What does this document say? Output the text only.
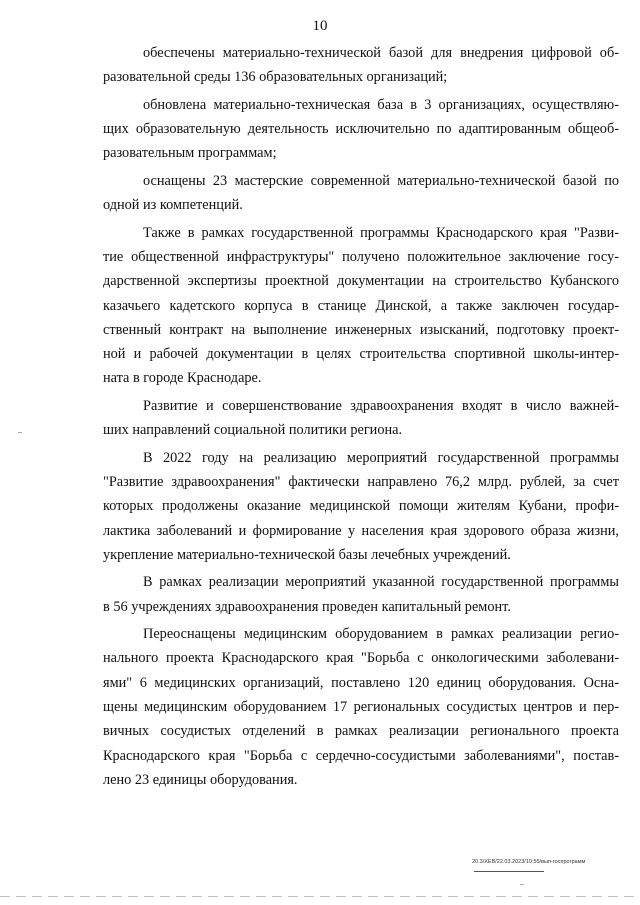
10
обеспечены материально-технической базой для внедрения цифровой об-
разовательной среды 136 образовательных организаций;
обновлена материально-техническая база в 3 организациях, осуществляю-
щих образовательную деятельность исключительно по адаптированным общеоб-
разовательным программам;
оснащены 23 мастерские современной материально-технической базой по
одной из компетенций.
Также в рамках государственной программы Краснодарского края "Разви-
тие общественной инфраструктуры" получено положительное заключение госу-
дарственной экспертизы проектной документации на строительство Кубанского
казачьего кадетского корпуса в станице Динской, а также заключен государ-
ственный контракт на выполнение инженерных изысканий, подготовку проект-
ной и рабочей документации в целях строительства спортивной школы-интер-
ната в городе Краснодаре.
Развитие и совершенствование здравоохранения входят в число важней-
ших направлений социальной политики региона.
В 2022 году на реализацию мероприятий государственной программы
"Развитие здравоохранения" фактически направлено 76,2 млрд. рублей, за счет
которых продолжены оказание медицинской помощи жителям Кубани, профи-
лактика заболеваний и формирование у населения края здорового образа жизни,
укрепление материально-технической базы лечебных учреждений.
В рамках реализации мероприятий указанной государственной программы
в 56 учреждениях здравоохранения проведен капитальный ремонт.
Переоснащены медицинским оборудованием в рамках реализации регио-
нального проекта Краснодарского края "Борьба с онкологическими заболевани-
ями" 6 медицинских организаций, поставлено 120 единиц оборудования. Осна-
щены медицинским оборудованием 17 региональных сосудистых центров и пер-
вичных сосудистых отделений в рамках реализации регионального проекта
Краснодарского края "Борьба с сердечно-сосудистыми заболеваниями", постав-
лено 23 единицы оборудования.
20.3/ХЕВ/22.03.2023/10:55/вып-госпрограмм
